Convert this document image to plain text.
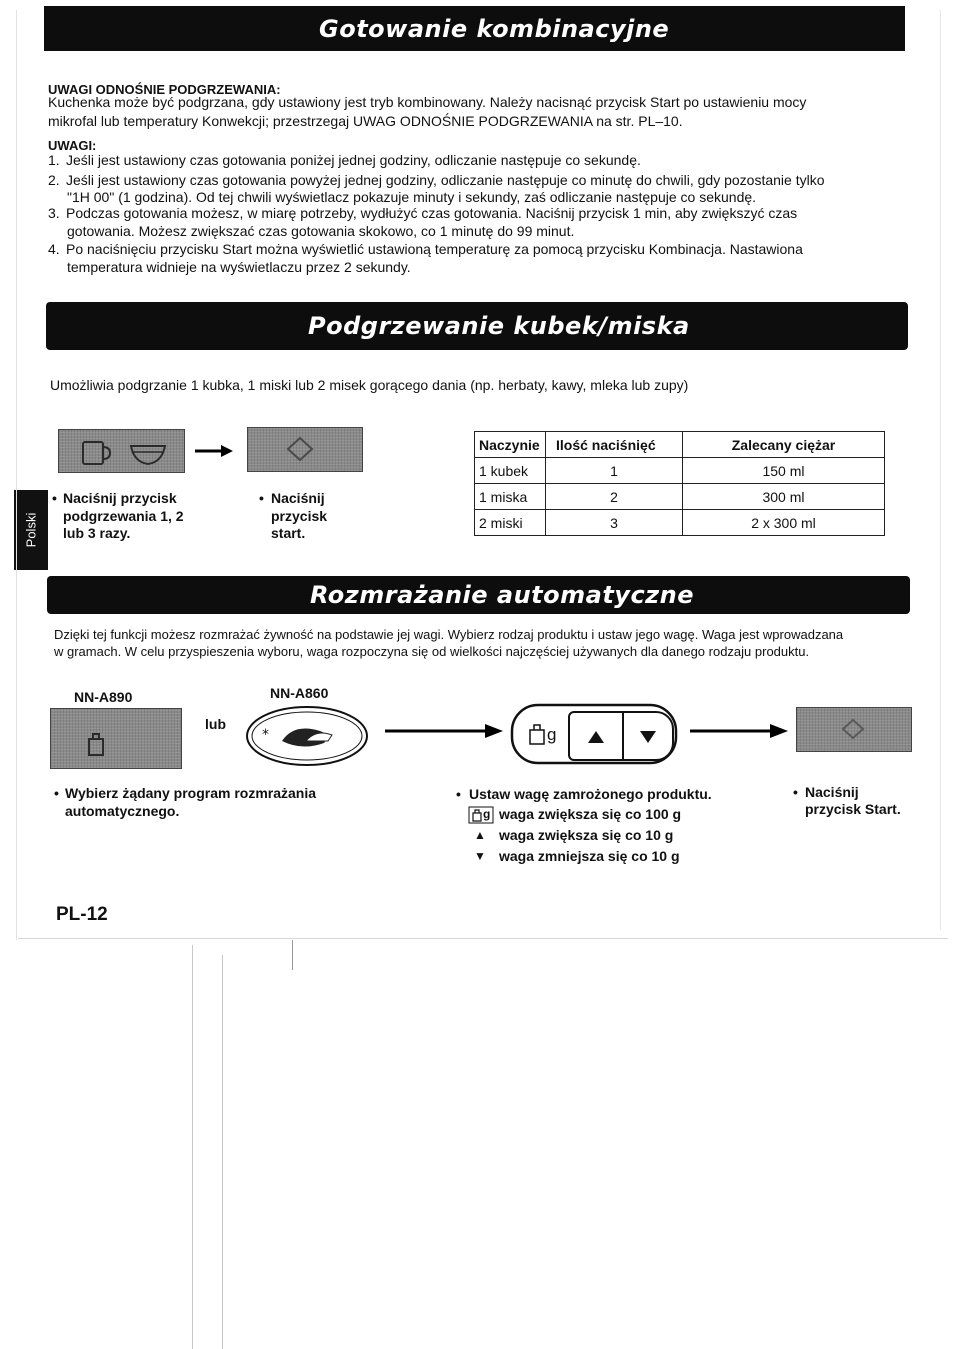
Gotowanie kombinacyjne
UWAGI ODNOŚNIE PODGRZEWANIA:
Kuchenka może być podgrzana, gdy ustawiony jest tryb kombinowany. Należy nacisnąć przycisk Start po ustawieniu mocy
mikrofal lub temperatury Konwekcji; przestrzegaj UWAG ODNOŚNIE PODGRZEWANIA na str. PL–10.
UWAGI:
1. Jeśli jest ustawiony czas gotowania poniżej jednej godziny, odliczanie następuje co sekundę.
2. Jeśli jest ustawiony czas gotowania powyżej jednej godziny, odliczanie następuje co minutę do chwili, gdy pozostanie tylko
"1H 00" (1 godzina). Od tej chwili wyświetlacz pokazuje minuty i sekundy, zaś odliczanie następuje co sekundę.
3. Podczas gotowania możesz, w miarę potrzeby, wydłużyć czas gotowania. Naciśnij przycisk 1 min, aby zwiększyć czas
gotowania. Możesz zwiększać czas gotowania skokowo, co 1 minutę do 99 minut.
4. Po naciśnięciu przycisku Start można wyświetlić ustawioną temperaturę za pomocą przycisku Kombinacja. Nastawiona
temperatura widnieje na wyświetlaczu przez 2 sekundy.
Podgrzewanie kubek/miska
Umożliwia podgrzanie 1 kubka, 1 miski lub 2 misek gorącego dania (np. herbaty, kawy, mleka lub zupy)
Polski
• Naciśnij przycisk
podgrzewania 1, 2
lub 3 razy.
• Naciśnij
przycisk
start.
Naczynie	Ilość naciśnięć	Zalecany ciężar
1 kubek	1	150 ml
1 miska	2	300 ml
2 miski	3	2 x 300 ml
Rozmrażanie automatyczne
Dzięki tej funkcji możesz rozmrażać żywność na podstawie jej wagi. Wybierz rodzaj produktu i ustaw jego wagę. Waga jest wprowadzana
w gramach. W celu przyspieszenia wyboru, waga rozpoczyna się od wielkości najczęściej używanych dla danego rodzaju produktu.
NN-A890	NN-A860
lub
*	g
• Wybierz żądany program rozmrażania
automatycznego.
• Ustaw wagę zamrożonego produktu.
g waga zwiększa się co 100 g
▲ waga zwiększa się co 10 g
▼ waga zmniejsza się co 10 g
• Naciśnij
przycisk Start.
PL-12
